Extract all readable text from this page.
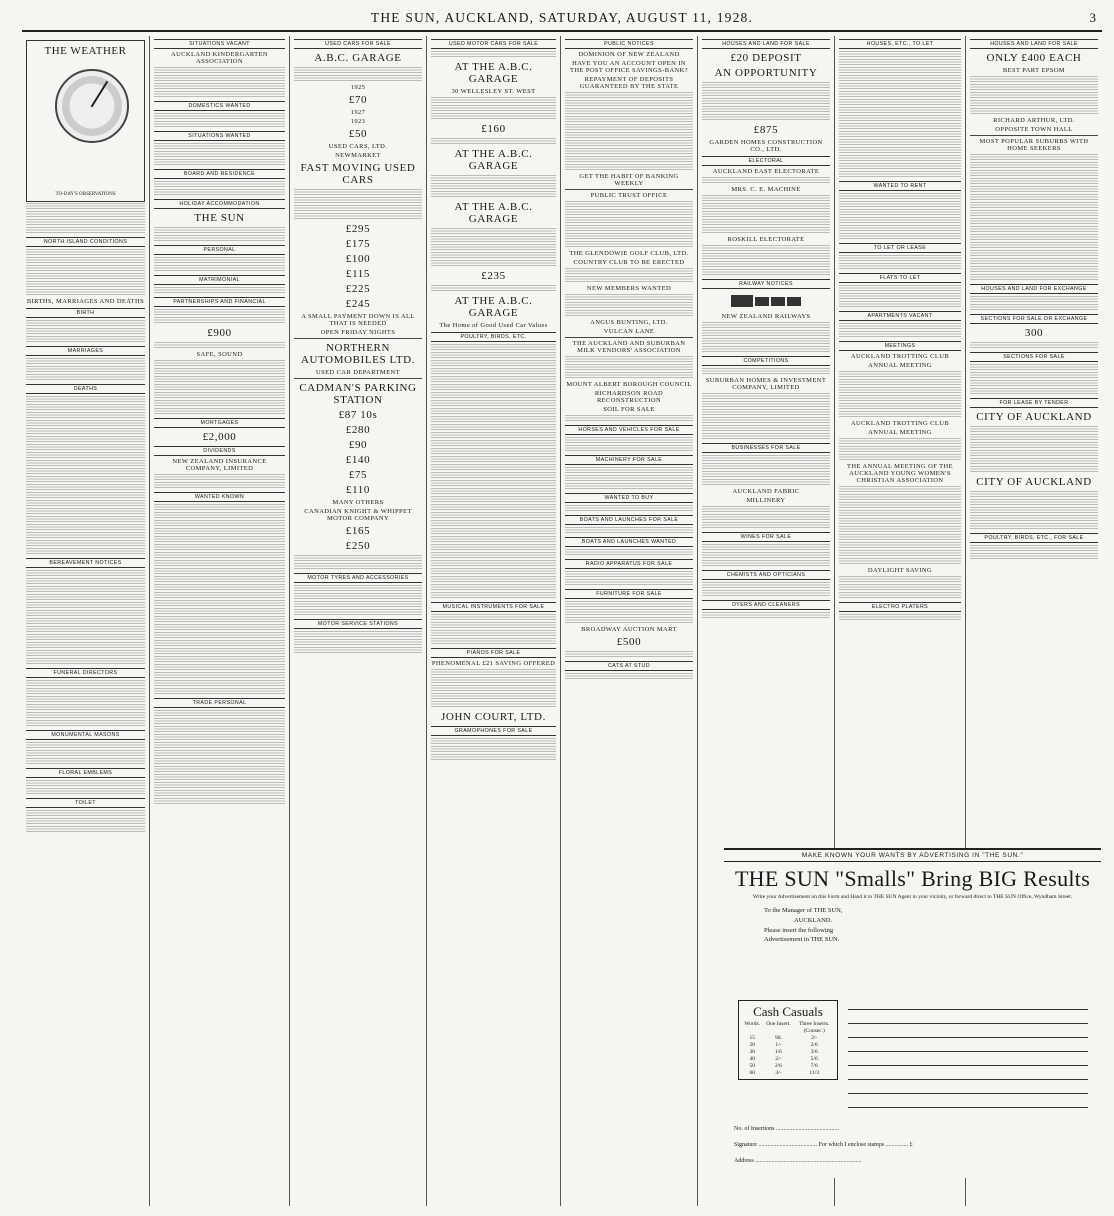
THE SUN, AUCKLAND, SATURDAY, AUGUST 11, 1928.	3
THE WEATHER
TO-DAY'S OBSERVATIONS
NORTH ISLAND CONDITIONS
BIRTHS, MARRIAGES AND DEATHS
BIRTH
MARRIAGES
DEATHS
BEREAVEMENT NOTICES
FUNERAL DIRECTORS
MONUMENTAL MASONS
FLORAL EMBLEMS
TOILET
SITUATIONS VACANT
AUCKLAND KINDERGARTEN ASSOCIATION
DOMESTICS WANTED
SITUATIONS WANTED
BOARD AND RESIDENCE
HOLIDAY ACCOMMODATION
THE SUN
PERSONAL
MATRIMONIAL
PARTNERSHIPS AND FINANCIAL
£900
SAFE, SOUND
MORTGAGES
£2,000
DIVIDENDS
NEW ZEALAND INSURANCE COMPANY, LIMITED
WANTED KNOWN
TRADE PERSONAL
USED CARS FOR SALE
A.B.C. GARAGE
1925
£70
1927
1923
£50
USED CARS, LTD.
NEWMARKET
FAST MOVING USED CARS
£295
£175
£100
£115
£225
£245
A SMALL PAYMENT DOWN IS ALL THAT IS NEEDED
OPEN FRIDAY NIGHTS
NORTHERN AUTOMOBILES LTD.
USED CAR DEPARTMENT
CADMAN'S PARKING STATION
£87 10s
£280
£90
£140
£75
£110
MANY OTHERS
CANADIAN KNIGHT & WHIPPET MOTOR COMPANY
£165
£250
MOTOR TYRES AND ACCESSORIES
MOTOR SERVICE STATIONS
USED MOTOR CARS FOR SALE
AT THE A.B.C. GARAGE
30 WELLESLEY ST. WEST
£160
AT THE A.B.C. GARAGE
AT THE A.B.C. GARAGE
£235
AT THE A.B.C. GARAGE
The Home of Good Used Car Values
POULTRY, BIRDS, ETC.
MUSICAL INSTRUMENTS FOR SALE
PIANOS FOR SALE
PHENOMENAL £21 SAVING OFFERED
JOHN COURT, LTD.
GRAMOPHONES FOR SALE
PUBLIC NOTICES
DOMINION OF NEW ZEALAND
HAVE YOU AN ACCOUNT OPEN IN THE POST OFFICE SAVINGS-BANK?
REPAYMENT OF DEPOSITS GUARANTEED BY THE STATE
GET THE HABIT OF BANKING WEEKLY
PUBLIC TRUST OFFICE
THE GLENDOWIE GOLF CLUB, LTD.
COUNTRY CLUB TO BE ERECTED
NEW MEMBERS WANTED
ANGUS BUNTING, LTD.
VULCAN LANE
THE AUCKLAND AND SUBURBAN MILK VENDORS' ASSOCIATION
MOUNT ALBERT BOROUGH COUNCIL
RICHARDSON ROAD RECONSTRUCTION
SOIL FOR SALE
HORSES AND VEHICLES FOR SALE
MACHINERY FOR SALE
WANTED TO BUY
BOATS AND LAUNCHES FOR SALE
BOATS AND LAUNCHES WANTED
RADIO APPARATUS FOR SALE
FURNITURE FOR SALE
BROADWAY AUCTION MART
£500
CATS AT STUD
HOUSES AND LAND FOR SALE
£20 DEPOSIT
AN OPPORTUNITY
£875
GARDEN HOMES CONSTRUCTION CO., LTD.
ELECTORAL
AUCKLAND EAST ELECTORATE
MRS. C. E. MACHINE
ROSKILL ELECTORATE
RAILWAY NOTICES
NEW ZEALAND RAILWAYS
COMPETITIONS
SUBURBAN HOMES & INVESTMENT COMPANY, LIMITED
BUSINESSES FOR SALE
AUCKLAND FABRIC
MILLINERY
WINES FOR SALE
CHEMISTS AND OPTICIANS
DYERS AND CLEANERS
HOUSES, ETC., TO LET
WANTED TO RENT
TO LET OR LEASE
FLATS TO LET
APARTMENTS VACANT
MEETINGS
AUCKLAND TROTTING CLUB
ANNUAL MEETING
AUCKLAND TROTTING CLUB
ANNUAL MEETING
THE ANNUAL MEETING OF THE AUCKLAND YOUNG WOMEN'S CHRISTIAN ASSOCIATION
DAYLIGHT SAVING
ELECTRO PLATERS
HOUSES AND LAND FOR SALE
ONLY £400 EACH
BEST PART EPSOM
RICHARD ARTHUR, LTD.
OPPOSITE TOWN HALL
MOST POPULAR SUBURBS WITH HOME SEEKERS
HOUSES AND LAND FOR EXCHANGE
SECTIONS FOR SALE OR EXCHANGE
300
SECTIONS FOR SALE
FOR LEASE BY TENDER
CITY OF AUCKLAND
CITY OF AUCKLAND
POULTRY, BIRDS, ETC., FOR SALE
MAKE KNOWN YOUR WANTS BY ADVERTISING IN "THE SUN."
THE SUN "Smalls" Bring BIG Results
Write your Advertisement on this Form and Hand it to THE SUN Agent in your vicinity, or forward direct to THE SUN Office, Wyndham Street.
To the Manager of THE SUN,
AUCKLAND.
Please insert the following
Advertisement in THE SUN.
Cash Casuals
Words.	One Insert.	Three Inserts.
		(Consec.)
15	9d.	2/-
20	1/-	2/6
30	1/6	3/6
40	2/-	5/6
50	2/6	7/6
60	3/-	11/3
No. of Insertions ..........................................
Signature ....................................... For which I enclose stamps ............... £
Address .......................................................................
